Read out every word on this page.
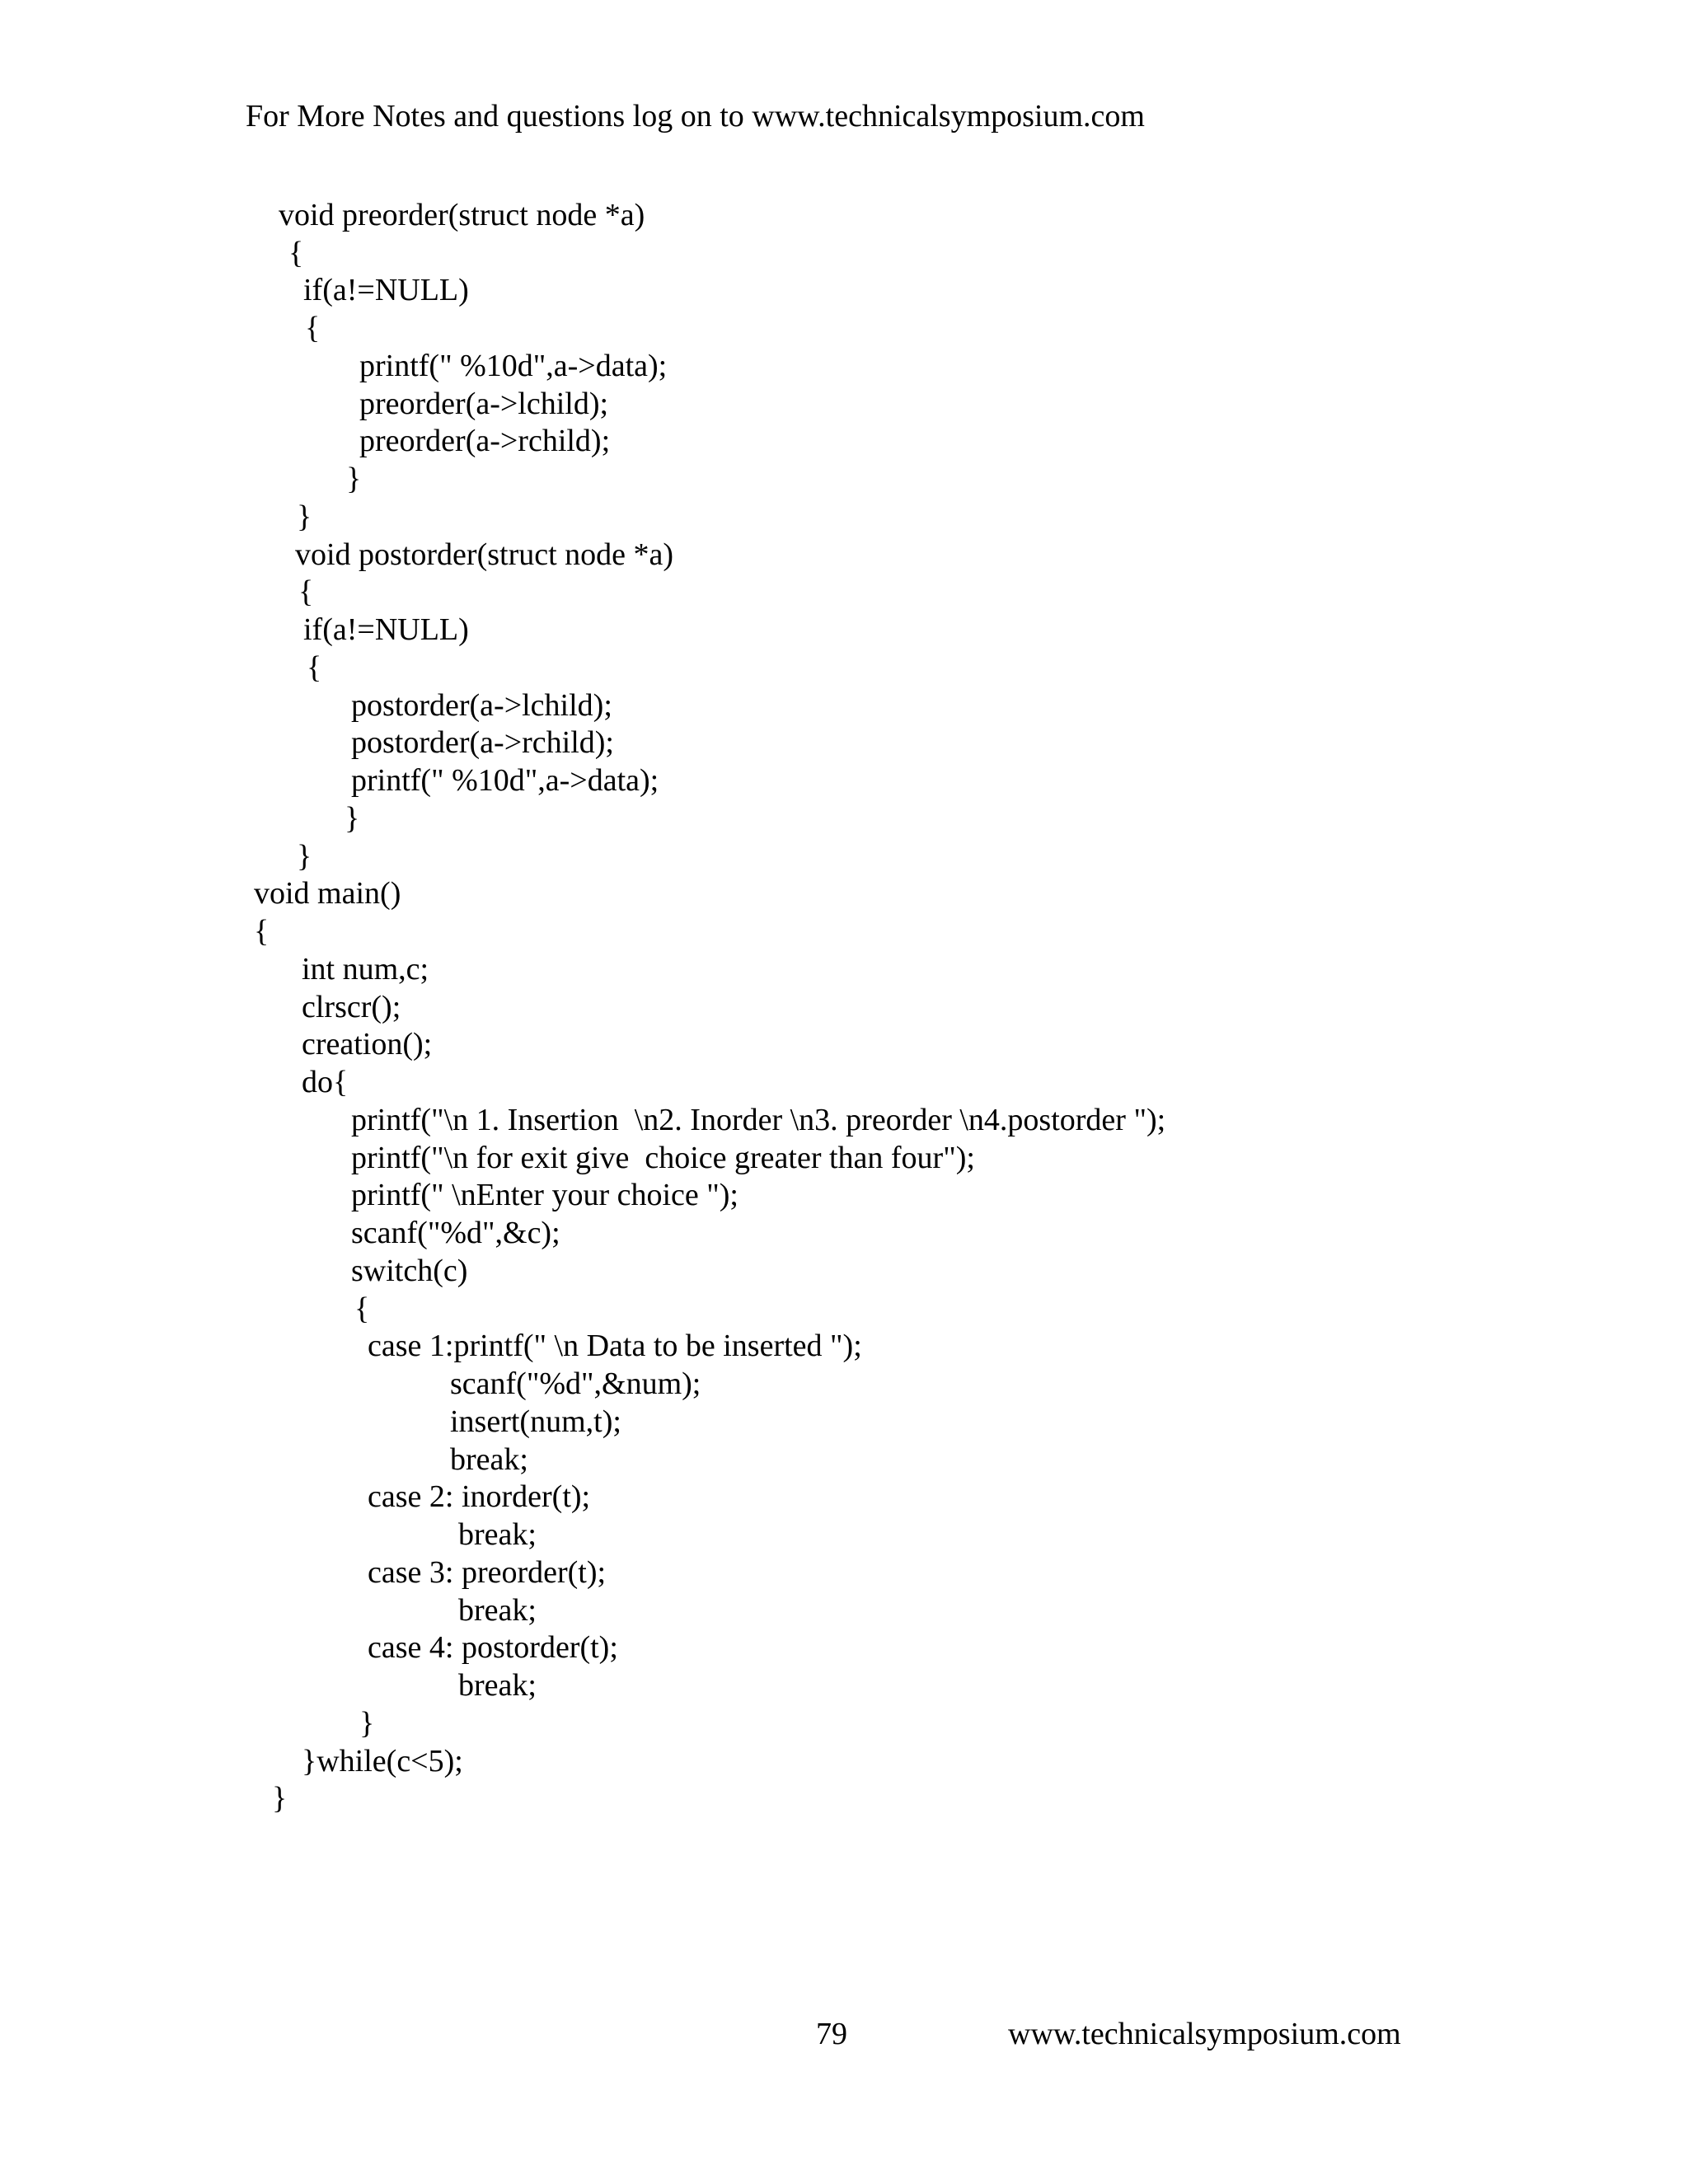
For More Notes and questions log on to www.technicalsymposium.com
void preorder(struct node *a)
{
if(a!=NULL)
{
printf(" %10d",a->data);
preorder(a->lchild);
preorder(a->rchild);
}
}
void postorder(struct node *a)
{
if(a!=NULL)
{
postorder(a->lchild);
postorder(a->rchild);
printf(" %10d",a->data);
}
}
void main()
{
int num,c;
clrscr();
creation();
do{
printf("\n 1. Insertion  \n2. Inorder \n3. preorder \n4.postorder ");
printf("\n for exit give  choice greater than four");
printf(" \nEnter your choice ");
scanf("%d",&c);
switch(c)
{
case 1:printf(" \n Data to be inserted ");
scanf("%d",&num);
insert(num,t);
break;
case 2: inorder(t);
break;
case 3: preorder(t);
break;
case 4: postorder(t);
break;
}
}while(c<5);
}
79	www.technicalsymposium.com
